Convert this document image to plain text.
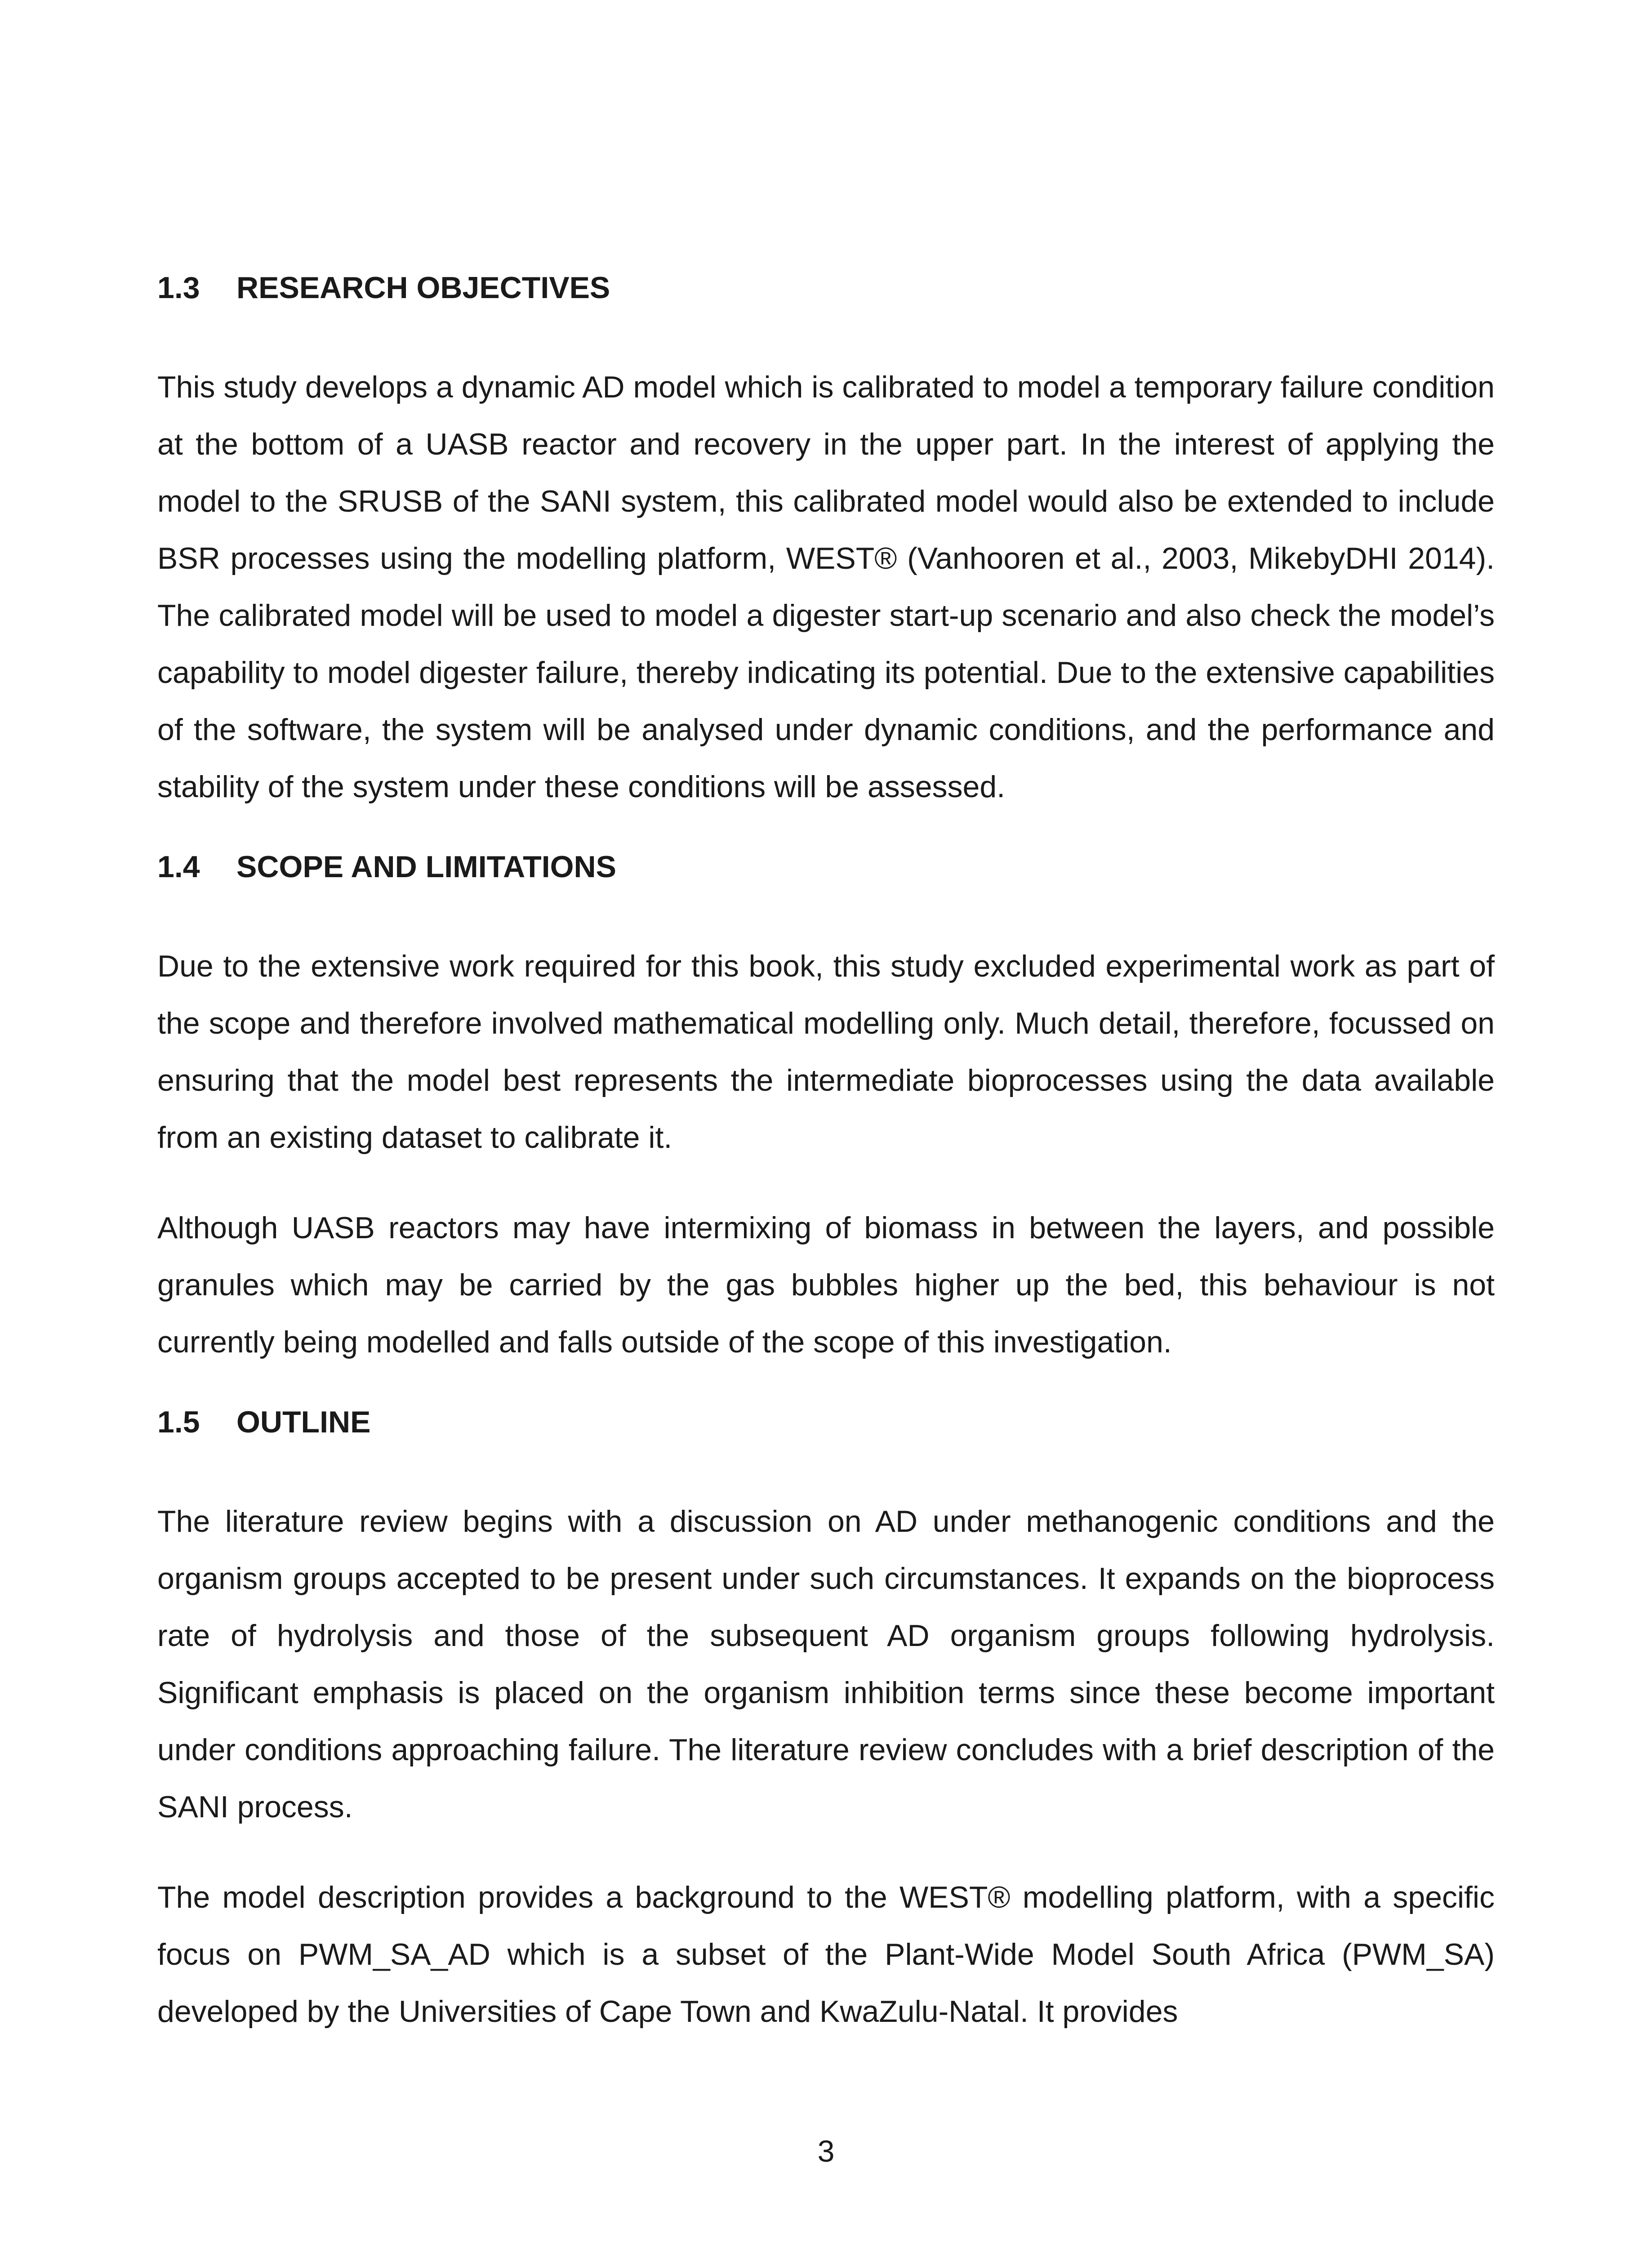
1.3 RESEARCH OBJECTIVES

This study develops a dynamic AD model which is calibrated to model a temporary failure condition at the bottom of a UASB reactor and recovery in the upper part. In the interest of applying the model to the SRUSB of the SANI system, this calibrated model would also be extended to include BSR processes using the modelling platform, WEST® (Vanhooren et al., 2003, MikebyDHI 2014). The calibrated model will be used to model a digester start-up scenario and also check the model’s capability to model digester failure, thereby indicating its potential. Due to the extensive capabilities of the software, the system will be analysed under dynamic conditions, and the performance and stability of the system under these conditions will be assessed.

1.4 SCOPE AND LIMITATIONS

Due to the extensive work required for this book, this study excluded experimental work as part of the scope and therefore involved mathematical modelling only. Much detail, therefore, focussed on ensuring that the model best represents the intermediate bioprocesses using the data available from an existing dataset to calibrate it.

Although UASB reactors may have intermixing of biomass in between the layers, and possible granules which may be carried by the gas bubbles higher up the bed, this behaviour is not currently being modelled and falls outside of the scope of this investigation.

1.5 OUTLINE

The literature review begins with a discussion on AD under methanogenic conditions and the organism groups accepted to be present under such circumstances. It expands on the bioprocess rate of hydrolysis and those of the subsequent AD organism groups following hydrolysis. Significant emphasis is placed on the organism inhibition terms since these become important under conditions approaching failure. The literature review concludes with a brief description of the SANI process.

The model description provides a background to the WEST® modelling platform, with a specific focus on PWM_SA_AD which is a subset of the Plant-Wide Model South Africa (PWM_SA) developed by the Universities of Cape Town and KwaZulu-Natal. It provides

3
